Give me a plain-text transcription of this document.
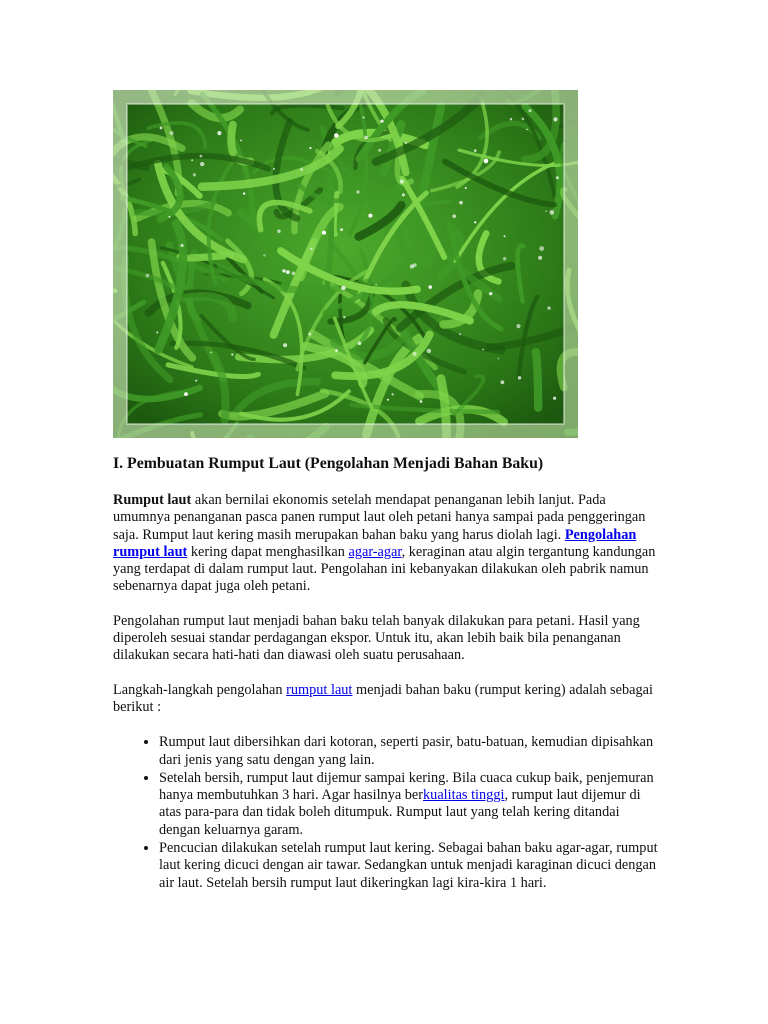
I. Pembuatan Rumput Laut (Pengolahan Menjadi Bahan Baku)

Rumput laut akan bernilai ekonomis setelah mendapat penanganan lebih lanjut. Pada umumnya penanganan pasca panen rumput laut oleh petani hanya sampai pada penggeringan saja. Rumput laut kering masih merupakan bahan baku yang harus diolah lagi. Pengolahan rumput laut kering dapat menghasilkan agar-agar, keraginan atau algin tergantung kandungan yang terdapat di dalam rumput laut. Pengolahan ini kebanyakan dilakukan oleh pabrik namun sebenarnya dapat juga oleh petani.

Pengolahan rumput laut menjadi bahan baku telah banyak dilakukan para petani. Hasil yang diperoleh sesuai standar perdagangan ekspor. Untuk itu, akan lebih baik bila penanganan dilakukan secara hati-hati dan diawasi oleh suatu perusahaan.

Langkah-langkah pengolahan rumput laut menjadi bahan baku (rumput kering) adalah sebagai berikut :

• Rumput laut dibersihkan dari kotoran, seperti pasir, batu-batuan, kemudian dipisahkan dari jenis yang satu dengan yang lain.
• Setelah bersih, rumput laut dijemur sampai kering. Bila cuaca cukup baik, penjemuran hanya membutuhkan 3 hari. Agar hasilnya berkualitas tinggi, rumput laut dijemur di atas para-para dan tidak boleh ditumpuk. Rumput laut yang telah kering ditandai dengan keluarnya garam.
• Pencucian dilakukan setelah rumput laut kering. Sebagai bahan baku agar-agar, rumput laut kering dicuci dengan air tawar. Sedangkan untuk menjadi karaginan dicuci dengan air laut. Setelah bersih rumput laut dikeringkan lagi kira-kira 1 hari.
